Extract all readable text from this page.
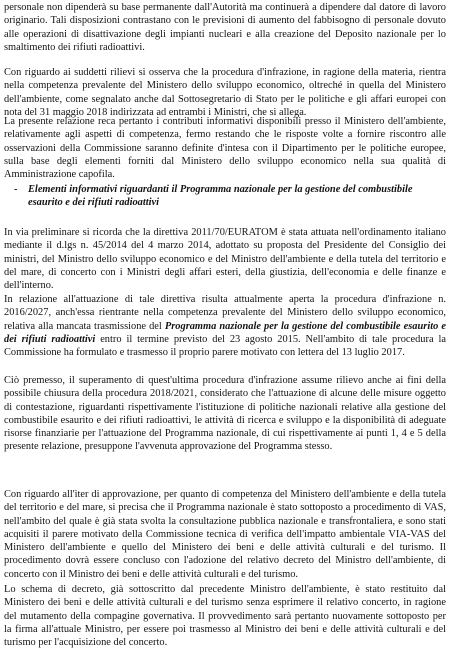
personale non dipenderà su base permanente dall'Autorità ma continuerà a dipendere dal datore di lavoro originario. Tali disposizioni contrastano con le previsioni di aumento del fabbisogno di personale dovuto alle operazioni di disattivazione degli impianti nucleari e alla creazione del Deposito nazionale per lo smaltimento dei rifiuti radioattivi.

Con riguardo ai suddetti rilievi si osserva che la procedura d'infrazione, in ragione della materia, rientra nella competenza prevalente del Ministero dello sviluppo economico, oltreché in quella del Ministero dell'ambiente, come segnalato anche dal Sottosegretario di Stato per le politiche e gli affari europei con nota del 31 maggio 2018 indirizzata ad entrambi i Ministri, che si allega.

La presente relazione reca pertanto i contributi informativi disponibili presso il Ministero dell'ambiente, relativamente agli aspetti di competenza, fermo restando che le risposte volte a fornire riscontro alle osservazioni della Commissione saranno definite d'intesa con il Dipartimento per le politiche europee, sulla base degli elementi forniti dal Ministero dello sviluppo economico nella sua qualità di Amministrazione capofila.

- Elementi informativi riguardanti il Programma nazionale per la gestione del combustibile esaurito e dei rifiuti radioattivi

In via preliminare si ricorda che la direttiva 2011/70/EURATOM è stata attuata nell'ordinamento italiano mediante il d.lgs n. 45/2014 del 4 marzo 2014, adottato su proposta del Presidente del Consiglio dei ministri, del Ministro dello sviluppo economico e del Ministro dell'ambiente e della tutela del territorio e del mare, di concerto con i Ministri degli affari esteri, della giustizia, dell'economia e delle finanze e dell'interno.

In relazione all'attuazione di tale direttiva risulta attualmente aperta la procedura d'infrazione n. 2016/2027, anch'essa rientrante nella competenza prevalente del Ministero dello sviluppo economico, relativa alla mancata trasmissione del Programma nazionale per la gestione del combustibile esaurito e dei rifiuti radioattivi entro il termine previsto del 23 agosto 2015. Nell'ambito di tale procedura la Commissione ha formulato e trasmesso il proprio parere motivato con lettera del 13 luglio 2017.

Ciò premesso, il superamento di quest'ultima procedura d'infrazione assume rilievo anche ai fini della possibile chiusura della procedura 2018/2021, considerato che l'attuazione di alcune delle misure oggetto di contestazione, riguardanti rispettivamente l'istituzione di politiche nazionali relative alla gestione del combustibile esaurito e dei rifiuti radioattivi, le attività di ricerca e sviluppo e la disponibilità di adeguate risorse finanziarie per l'attuazione del Programma nazionale, di cui rispettivamente ai punti 1, 4 e 5 della presente relazione, presuppone l'avvenuta approvazione del Programma stesso.

Con riguardo all'iter di approvazione, per quanto di competenza del Ministero dell'ambiente e della tutela del territorio e del mare, si precisa che il Programma nazionale è stato sottoposto a procedimento di VAS, nell'ambito del quale è già stata svolta la consultazione pubblica nazionale e transfrontaliera, e sono stati acquisiti il parere motivato della Commissione tecnica di verifica dell'impatto ambientale VIA-VAS del Ministero dell'ambiente e quello del Ministero dei beni e delle attività culturali e del turismo. Il procedimento dovrà essere concluso con l'adozione del relativo decreto del Ministro dell'ambiente, di concerto con il Ministro dei beni e delle attività culturali e del turismo.

Lo schema di decreto, già sottoscritto dal precedente Ministro dell'ambiente, è stato restituito dal Ministero dei beni e delle attività culturali e del turismo senza esprimere il relativo concerto, in ragione del mutamento della compagine governativa. Il provvedimento sarà pertanto nuovamente sottoposto per la firma all'attuale Ministro, per essere poi trasmesso al Ministro dei beni e delle attività culturali e del turismo per l'acquisizione del concerto.
